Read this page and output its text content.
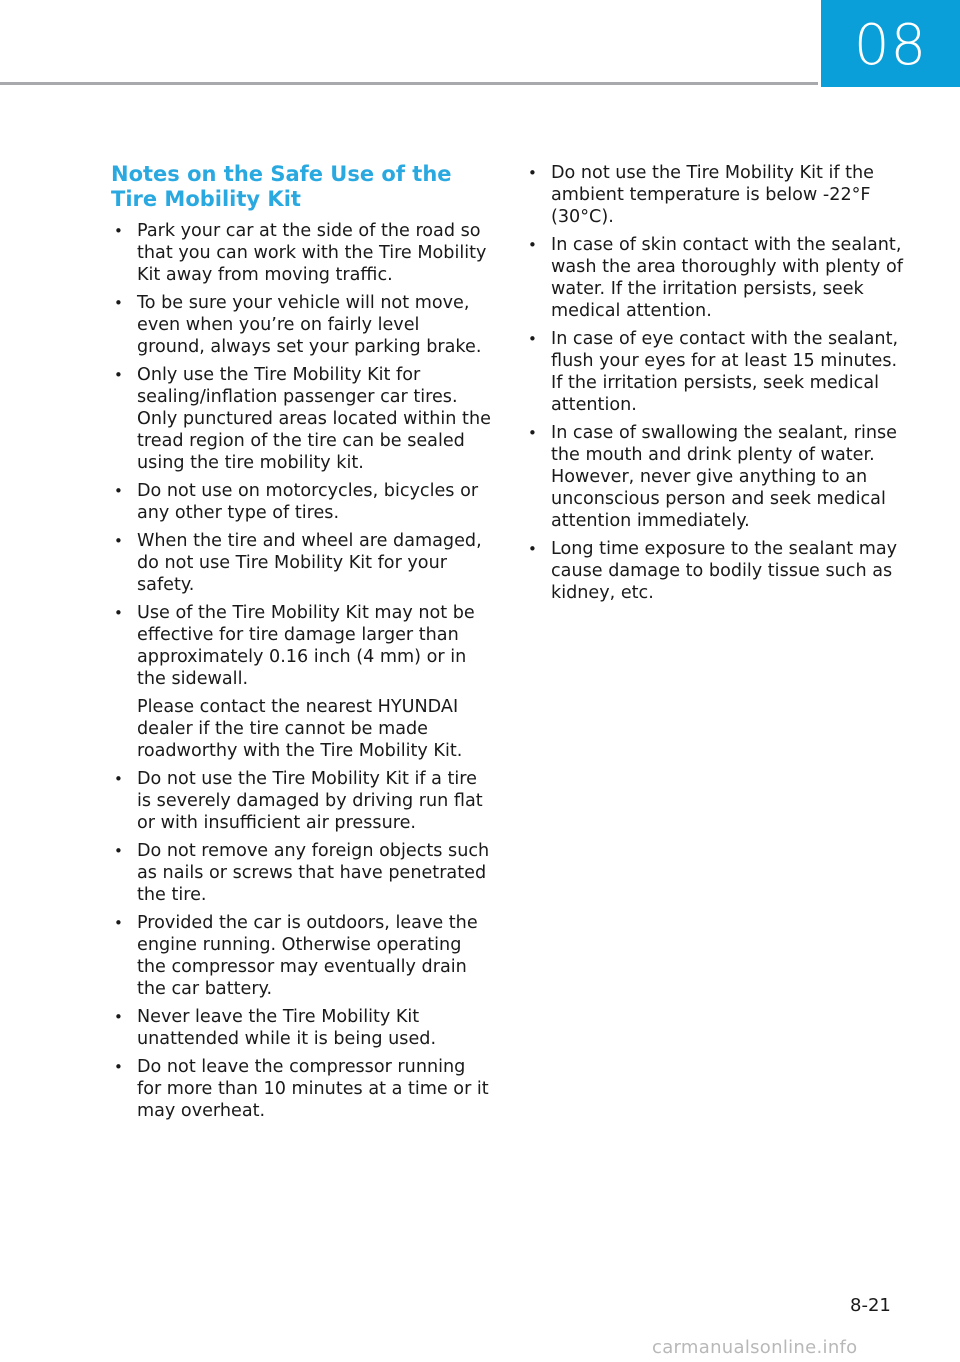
08
Notes on the Safe Use of the Tire Mobility Kit
• Park your car at the side of the road so that you can work with the Tire Mobility Kit away from moving traffic.

• To be sure your vehicle will not move, even when you’re on fairly level ground, always set your parking brake.

• Only use the Tire Mobility Kit for sealing/inflation passenger car tires. Only punctured areas located within the tread region of the tire can be sealed using the tire mobility kit.

• Do not use on motorcycles, bicycles or any other type of tires.

• When the tire and wheel are damaged, do not use Tire Mobility Kit for your safety.

• Use of the Tire Mobility Kit may not be effective for tire damage larger than approximately 0.16 inch (4 mm) or in the sidewall.

Please contact the nearest HYUNDAI dealer if the tire cannot be made roadworthy with the Tire Mobility Kit.

• Do not use the Tire Mobility Kit if a tire is severely damaged by driving run flat or with insufficient air pressure.

• Do not remove any foreign objects such as nails or screws that have penetrated the tire.

• Provided the car is outdoors, leave the engine running. Otherwise operating the compressor may eventually drain the car battery.

• Never leave the Tire Mobility Kit unattended while it is being used.

• Do not leave the compressor running for more than 10 minutes at a time or it may overheat.

• Do not use the Tire Mobility Kit if the ambient temperature is below -22°F (30°C).

• In case of skin contact with the sealant, wash the area thoroughly with plenty of water. If the irritation persists, seek medical attention.

• In case of eye contact with the sealant, flush your eyes for at least 15 minutes. If the irritation persists, seek medical attention.

• In case of swallowing the sealant, rinse the mouth and drink plenty of water. However, never give anything to an unconscious person and seek medical attention immediately.

• Long time exposure to the sealant may cause damage to bodily tissue such as kidney, etc.

8-21
carmanualsonline.info
